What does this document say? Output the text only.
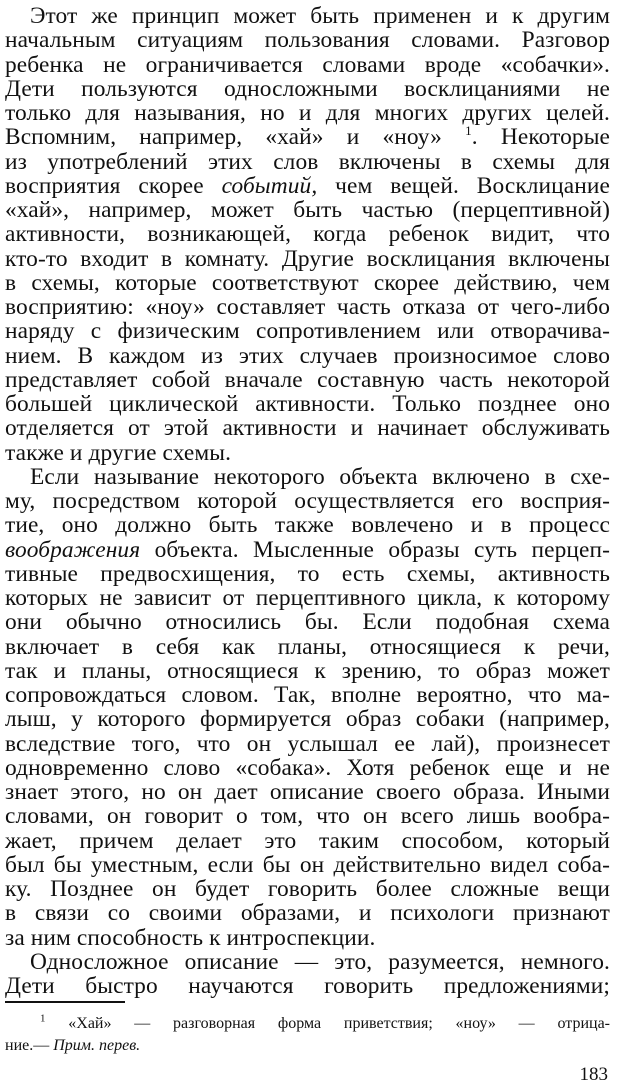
Этот же принцип может быть применен и к другим
начальным ситуациям пользования словами. Разговор
ребенка не ограничивается словами вроде «собачки».
Дети пользуются односложными восклицаниями не
только для называния, но и для многих других целей.
Вспомним, например, «хай» и «ноу» $^1$. Некоторые
из употреблений этих слов включены в схемы для
восприятия скорее событий, чем вещей. Восклицание
«хай», например, может быть частью (перцептивной)
активности, возникающей, когда ребенок видит, что
кто-то входит в комнату. Другие восклицания включены
в схемы, которые соответствуют скорее действию, чем
восприятию: «ноу» составляет часть отказа от чего-либо
наряду с физическим сопротивлением или отворачива-
нием. В каждом из этих случаев произносимое слово
представляет собой вначале составную часть некоторой
большей циклической активности. Только позднее оно
отделяется от этой активности и начинает обслуживать
также и другие схемы.
Если называние некоторого объекта включено в схе-
му, посредством которой осуществляется его восприя-
тие, оно должно быть также вовлечено и в процесс
воображения объекта. Мысленные образы суть перцеп-
тивные предвосхищения, то есть схемы, активность
которых не зависит от перцептивного цикла, к которому
они обычно относились бы. Если подобная схема
включает в себя как планы, относящиеся к речи,
так и планы, относящиеся к зрению, то образ может
сопровождаться словом. Так, вполне вероятно, что ма-
лыш, у которого формируется образ собаки (например,
вследствие того, что он услышал ее лай), произнесет
одновременно слово «собака». Хотя ребенок еще и не
знает этого, но он дает описание своего образа. Иными
словами, он говорит о том, что он всего лишь вообра-
жает, причем делает это таким способом, который
был бы уместным, если бы он действительно видел соба-
ку. Позднее он будет говорить более сложные вещи
в связи со своими образами, и психологи признают
за ним способность к интроспекции.
Односложное описание — это, разумеется, немного.
Дети быстро научаются говорить предложениями;
183
$^1$ «Хай» — разговорная форма приветствия; «ноу» — отрица-
ние.— Прим. перев.
